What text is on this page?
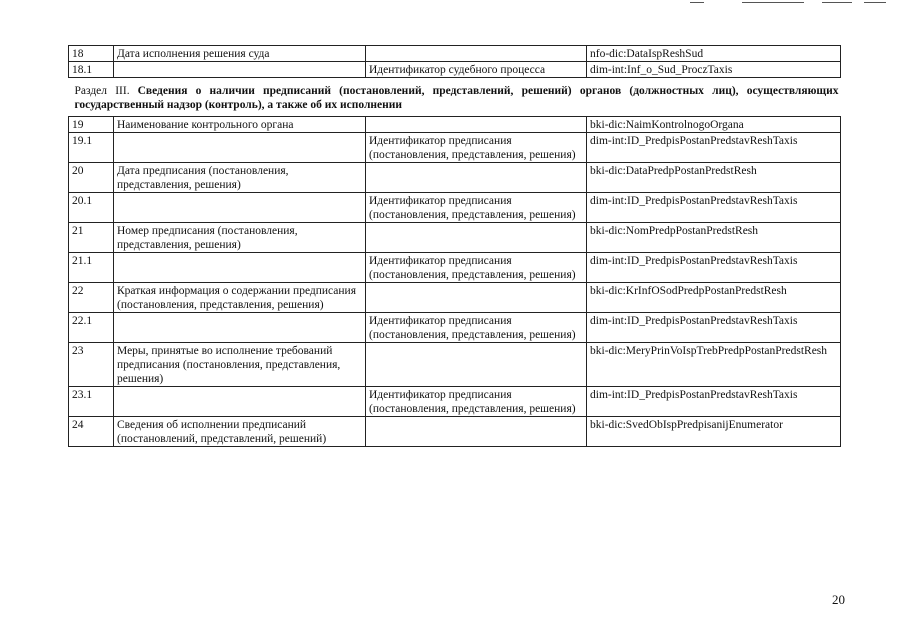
18	Дата исполнения решения суда		nfo-dic:DataIspReshSud
18.1		Идентификатор судебного процесса	dim-int:Inf_o_Sud_ProczTaxis
Раздел III. Сведения о наличии предписаний (постановлений, представлений, решений) органов (должностных лиц), осуществляющих государственный надзор (контроль), а также об их исполнении			
19	Наименование контрольного органа		bki-dic:NaimKontrolnogoOrgana
19.1		Идентификатор предписания (постановления, представления, решения)	dim-int:ID_PredpisPostanPredstavReshTaxis
20	Дата предписания (постановления, представления, решения)		bki-dic:DataPredpPostanPredstResh
20.1		Идентификатор предписания (постановления, представления, решения)	dim-int:ID_PredpisPostanPredstavReshTaxis
21	Номер предписания (постановления, представления, решения)		bki-dic:NomPredpPostanPredstResh
21.1		Идентификатор предписания (постановления, представления, решения)	dim-int:ID_PredpisPostanPredstavReshTaxis
22	Краткая информация о содержании предписания (постановления, представления, решения)		bki-dic:KrInfOSodPredpPostanPredstResh
22.1		Идентификатор предписания (постановления, представления, решения)	dim-int:ID_PredpisPostanPredstavReshTaxis
23	Меры, принятые во исполнение требований предписания (постановления, представления, решения)		bki-dic:MeryPrinVoIspTrebPredpPostanPredstResh
23.1		Идентификатор предписания (постановления, представления, решения)	dim-int:ID_PredpisPostanPredstavReshTaxis
24	Сведения об исполнении предписаний (постановлений, представлений, решений)		bki-dic:SvedObIspPredpisanijEnumerator
20
